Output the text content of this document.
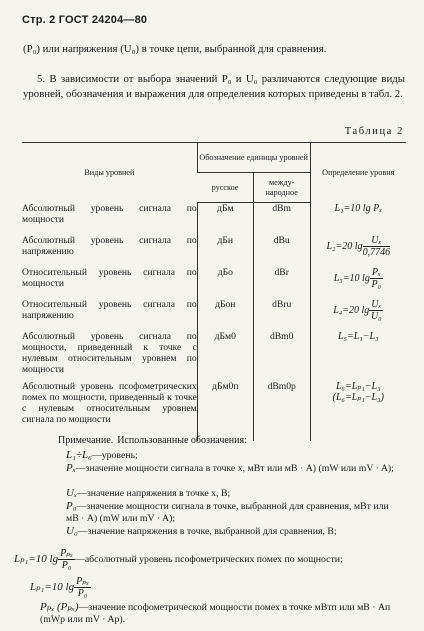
Стр. 2 ГОСТ 24204—80
(P₀) или напряжения (U₀) в точке цепи, выбранной для сравнения.
5. В зависимости от выбора значений P₀ и U₀ различаются следующие виды уровней, обозначения и выражения для определения которых приведены в табл. 2.
Таблица 2
Виды уровней	Обозначение единицы уровней		Определение уровня
	русское	между-народное	
Абсолютный уровень сигнала по мощности	дБм	dBm	L₁=10 lg Pₓ
Абсолютный уровень сигнала по напряжению	дБн	dBu	L₂=20 $\lg \frac{\text{Uₓ}}{0,7746}$

Относительный уровень сигнала по мощности	дБо	dBr	L₃=10 $\lg \frac{\text{Pₓ}}{\text{P₀}}$

Относительный уровень сигнала по напряжению	дБон	dBru	L₄=20 $\lg \frac{\text{Uₓ}}{\text{U₀}}$

Абсолютный уровень сигнала по мощности, приведенный к точке с нулевым относительным уровнем по мощности	дБм0	dBm0	L₅=L₁−L₃
Абсолютный уровень псофометрических помех по мощности, приведенный к точке с нулевым относительным уровнем сигнала по мощности	дБм0п	dBm0p	L₆=Lₚ₁−L₃
(L₆=Lₚ₁−L₃)
Примечание. Использованные обозначения:
L₁÷L₆—уровень;
Pₓ—значение мощности сигнала в точке x, мВт или мВ · А) (mW или mV · A);
Uₓ—значение напряжения в точке x, В;
P₀—значение мощности сигнала в точке, выбранной для сравнения, мВт или мВ · А) (mW или mV · A);
U₀—значение напряжения в точке, выбранной для сравнения, В;
Lₚ₁=10 $\lg \frac{\text{Pₚₓ}}{\text{P₀}}$ —абсолютный уровень псофометрических помех по мощности;
Lₚ₁=10 $\lg \frac{\text{Pₚₓ}}{\text{P₀}}$
Pₚₓ (Pₚₓ)—значение псофометрической мощности помех в точке мВтп или мВ · Ап (mWp или mV · Ap).
